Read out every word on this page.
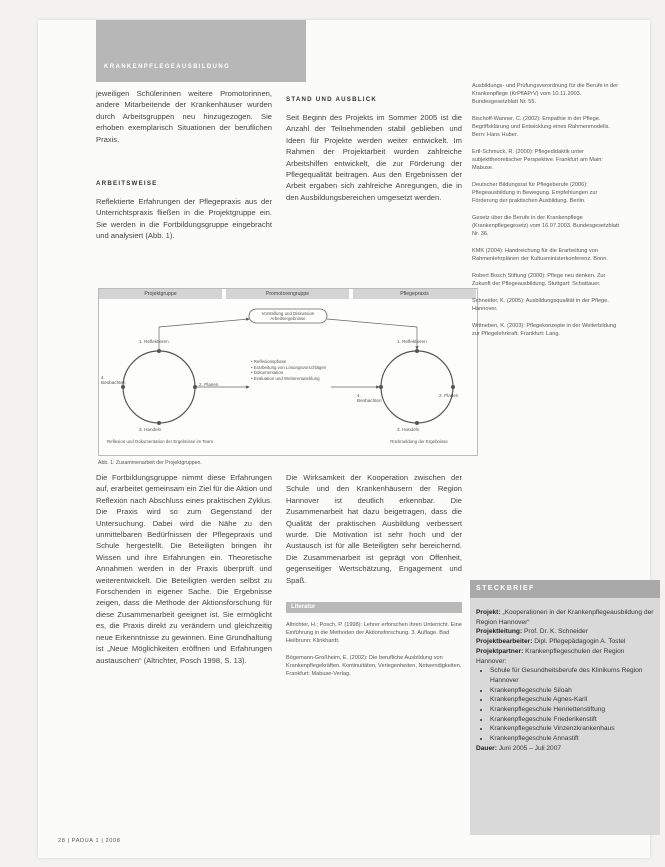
KRANKENPFLEGEAUSBILDUNG
jeweiligen Schülerinnen weitere Promotorinnen, andere Mitarbeitende der Krankenhäuser wurden durch Arbeitsgruppen neu hinzugezogen. Sie erhoben exemplarisch Situationen der beruflichen Praxis.
ARBEITSWEISE
Reflektierte Erfahrungen der Pflegepraxis aus der Unterrichtspraxis fließen in die Projektgruppe ein. Sie werden in die Fortbildungsgruppe eingebracht und analysiert (Abb. 1).
STAND UND AUSBLICK
Seit Beginn des Projekts im Sommer 2005 ist die Anzahl der Teilnehmenden stabil geblieben und Ideen für Projekte werden weiter entwickelt. Im Rahmen der Projektarbeit wurden zahlreiche Arbeitshilfen entwickelt, die zur Förderung der Pflegequalität beitragen. Aus den Ergebnissen der Arbeit ergaben sich zahlreiche Anregungen, die in den Ausbildungsbereichen umgesetzt werden.
Projektgruppe	Promotorengruppe	Pflegepraxis
Vorstellung und Diskussion Arbeitsergebnisse
1. Reflektieren
2. Planen
3. Handeln
4. Beobachten
1. Reflektieren
2. Planen
3. Handeln
4. Beobachten
• Reflexionsphase
• Erarbeitung von Lösungsvorschlägen
• Dokumentation
• Evaluation und Weiterentwicklung
Reflexion und Dokumentation der Ergebnisse im Team	Rückmeldung der Ergebnisse
Abb. 1: Zusammenarbeit der Projektgruppen.
Die Fortbildungsgruppe nimmt diese Erfahrungen auf, erarbeitet gemeinsam ein Ziel für die Aktion und Reflexion nach Abschluss eines praktischen Zyklus. Die Praxis wird so zum Gegenstand der Untersuchung. Dabei wird die Nähe zu den unmittelbaren Bedürfnissen der Pflegepraxis und Schule hergestellt. Die Beteiligten bringen ihr Wissen und ihre Erfahrungen ein. Theoretische Annahmen werden in der Praxis überprüft und weiterentwickelt. Die Beteiligten werden selbst zu Forschenden in eigener Sache. Die Ergebnisse zeigen, dass die Methode der Aktionsforschung für diese Zusammenarbeit geeignet ist. Sie ermöglicht es, die Praxis direkt zu verändern und gleichzeitig neue Erkenntnisse zu gewinnen. Eine Grundhaltung ist „Neue Möglichkeiten eröffnen und Erfahrungen austauschen“ (Altrichter, Posch 1998, S. 13).
Die Wirksamkeit der Kooperation zwischen der Schule und den Krankenhäusern der Region Hannover ist deutlich erkennbar. Die Zusammenarbeit hat dazu beigetragen, dass die Qualität der praktischen Ausbildung verbessert wurde. Die Motivation ist sehr hoch und der Austausch ist für alle Beteiligten sehr bereichernd. Die Zusammenarbeit ist geprägt von Offenheit, gegenseitiger Wertschätzung, Engagement und Spaß.
Literatur
Altrichter, H.; Posch, P. (1998): Lehrer erforschen ihren Unterricht. Eine Einführung in die Methoden der Aktionsforschung. 3. Auflage. Bad Heilbrunn: Klinkhardt.
Bögemann-Großheim, E. (2002): Die berufliche Ausbildung von Krankenpflegekräften. Kontinuitäten, Verlegenheiten, Notwendigkeiten. Frankfurt: Mabuse-Verlag.
Ausbildungs- und Prüfungsverordnung für die Berufe in der Krankenpflege (KrPflAPrV) vom 10.11.2003. Bundesgesetzblatt Nr. 55.
Bischoff-Wanner, C. (2002): Empathie in der Pflege. Begriffsklärung und Entwicklung eines Rahmenmodells. Bern: Hans Huber.
Ertl-Schmuck, R. (2000): Pflegedidaktik unter subjekttheoretischer Perspektive. Frankfurt am Main: Mabuse.
Deutscher Bildungsrat für Pflegeberufe (2006): Pflegeausbildung in Bewegung. Empfehlungen zur Förderung der praktischen Ausbildung. Berlin.
Gesetz über die Berufe in der Krankenpflege (Krankenpflegegesetz) vom 16.07.2003. Bundesgesetzblatt Nr. 36.
KMK (2004): Handreichung für die Erarbeitung von Rahmenlehrplänen der Kultusministerkonferenz. Bonn.
Robert Bosch Stiftung (2000): Pflege neu denken. Zur Zukunft der Pflegeausbildung. Stuttgart: Schattauer.
Schneider, K. (2005): Ausbildungsqualität in der Pflege. Hannover.
Wittneben, K. (2003): Pflegekonzepte in der Weiterbildung zur Pflegelehrkraft. Frankfurt: Lang.
STECKBRIEF
Projekt: „Kooperationen in der Krankenpflegeausbildung der Region Hannover“
Projektleitung: Prof. Dr. K. Schneider
Projektbearbeiter: Dipl. Pflegepädagogin A. Tostel
Projektpartner: Krankenpflegeschulen der Region Hannover:
• Schule für Gesundheitsberufe des Klinikums Region Hannover
• Krankenpflegeschule Siloah
• Krankenpflegeschule Agnes-Karll
• Krankenpflegeschule Henriettenstiftung
• Krankenpflegeschule Friederikenstift
• Krankenpflegeschule Vinzenzkrankenhaus
• Krankenpflegeschule Annastift
Dauer: Juni 2005 – Juli 2007
28 | PADUA 1 | 2008
